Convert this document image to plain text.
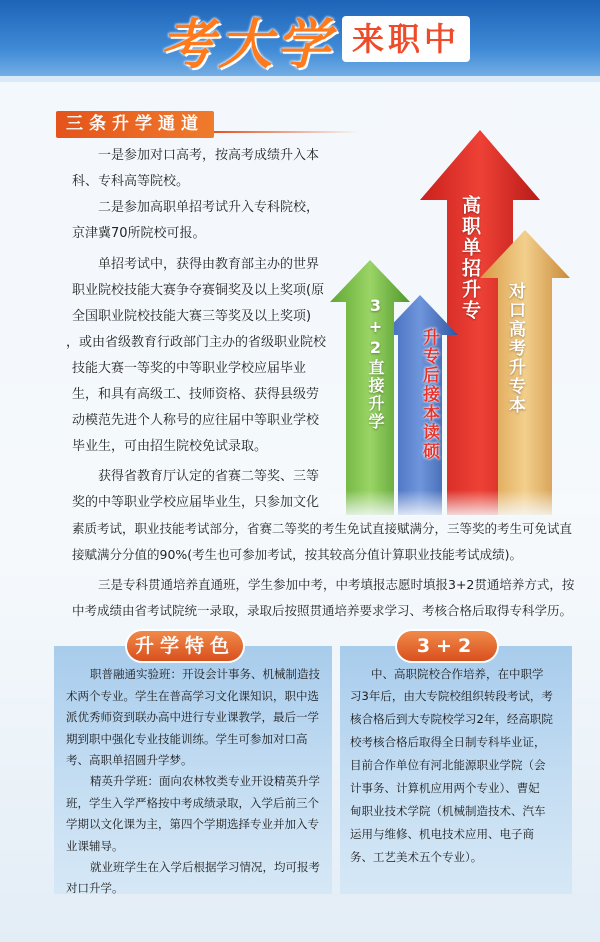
考大学 来职中
三条升学通道
高职单招升专
对口高考升专本
升专后接本读硕
3+2直接升学

一是参加对口高考，按高考成绩升入本

科、专科高等院校。

二是参加高职单招考试升入专科院校，

京津冀70所院校可报。

单招考试中，获得由教育部主办的世界

职业院校技能大赛争夺赛铜奖及以上奖项(原

全国职业院校技能大赛三等奖及以上奖项)

，或由省级教育行政部门主办的省级职业院校

技能大赛一等奖的中等职业学校应届毕业

生，和具有高级工、技师资格、获得县级劳

动模范先进个人称号的应往届中等职业学校

毕业生，可由招生院校免试录取。

获得省教育厅认定的省赛二等奖、三等

奖的中等职业学校应届毕业生，只参加文化

素质考试，职业技能考试部分，省赛二等奖的考生免试直接赋满分，三等奖的考生可免试直

接赋满分分值的90%(考生也可参加考试，按其较高分值计算职业技能考试成绩)。

三是专科贯通培养直通班，学生参加中考，中考填报志愿时填报3+2贯通培养方式，按

中考成绩由省考试院统一录取，录取后按照贯通培养要求学习、考核合格后取得专科学历。

升学特色

职普融通实验班：开设会计事务、机械制造技

术两个专业。学生在普高学习文化课知识，职中选

派优秀师资到联办高中进行专业课教学，最后一学

期到职中强化专业技能训练。学生可参加对口高

考、高职单招圆升学梦。

精英升学班：面向农林牧类专业开设精英升学

班，学生入学严格按中考成绩录取，入学后前三个

学期以文化课为主，第四个学期选择专业并加入专

业课辅导。

就业班学生在入学后根据学习情况，均可报考

对口升学。

3+2

中、高职院校合作培养，在中职学

习3年后，由大专院校组织转段考试，考

核合格后到大专院校学习2年，经高职院

校考核合格后取得全日制专科毕业证，

目前合作单位有河北能源职业学院（会

计事务、计算机应用两个专业）、曹妃

甸职业技术学院（机械制造技术、汽车

运用与维修、机电技术应用、电子商

务、工艺美术五个专业）。
